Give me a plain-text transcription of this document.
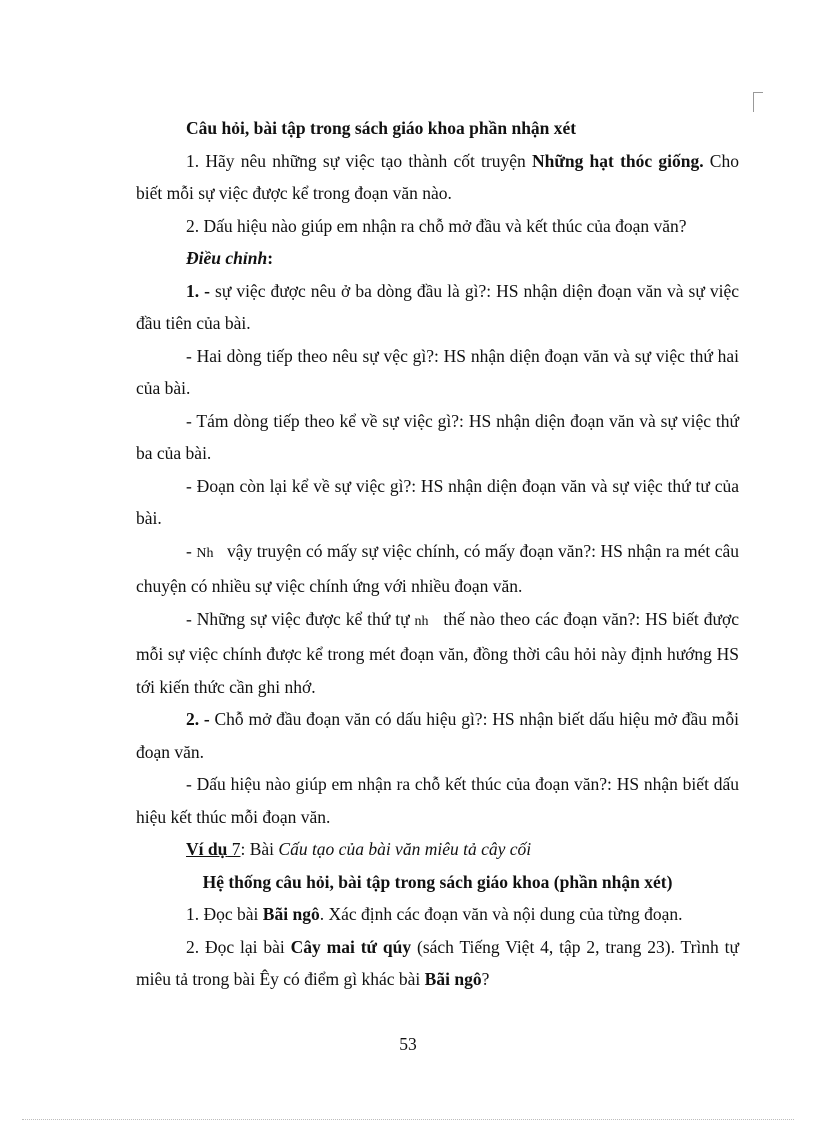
Câu hỏi, bài tập trong sách giáo khoa phần nhận xét

1. Hãy nêu những sự việc tạo thành cốt truyện Những hạt thóc giống. Cho biết mỗi sự việc được kể trong đoạn văn nào.

2. Dấu hiệu nào giúp em nhận ra chỗ mở đầu và kết thúc của đoạn văn?

Điều chỉnh:

1. - sự việc được nêu ở ba dòng đầu là gì?: HS nhận diện đoạn văn và sự việc đầu tiên của bài.

- Hai dòng tiếp theo nêu sự vệc gì?: HS nhận diện đoạn văn và sự việc thứ hai của bài.

- Tám dòng tiếp theo kể về sự việc gì?: HS nhận diện đoạn văn và sự việc thứ ba của bài.

- Đoạn còn lại kể về sự việc gì?: HS nhận diện đoạn văn và sự việc thứ tư của bài.

- Nh   vậy truyện có mấy sự việc chính, có mấy đoạn văn?: HS nhận ra mét câu chuyện có nhiều sự việc chính ứng với nhiều đoạn văn.

- Những sự việc được kể thứ tự nh   thế nào theo các đoạn văn?: HS biết được mỗi sự việc chính được kể trong mét đoạn văn, đồng thời câu hỏi này định hướng HS tới kiến thức cần ghi nhớ.

2. - Chỗ mở đầu đoạn văn có dấu hiệu gì?: HS nhận biết dấu hiệu mở đầu mỗi đoạn văn.

- Dấu hiệu nào giúp em nhận ra chỗ kết thúc của đoạn văn?: HS nhận biết dấu hiệu kết thúc mỗi đoạn văn.

Ví dụ 7: Bài Cấu tạo của bài văn miêu tả cây cối

Hệ thống câu hỏi, bài tập trong sách giáo khoa (phần nhận xét)

1. Đọc bài Bãi ngô. Xác định các đoạn văn và nội dung của từng đoạn.

2. Đọc lại bài Cây mai tứ qúy (sách Tiếng Việt 4, tập 2, trang 23). Trình tự miêu tả trong bài Êy có điểm gì khác bài Bãi ngô?

53
